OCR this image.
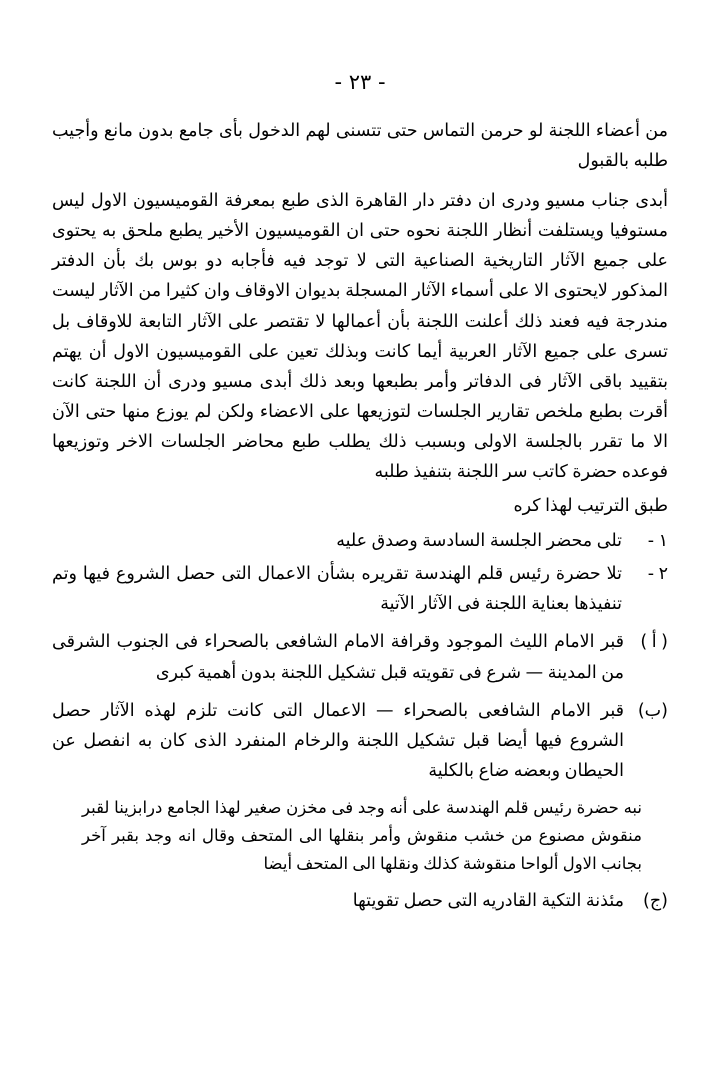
- ٢٣ -

من أعضاء اللجنة لو حرمن التماس حتى تتسنى لهم الدخول بأى جامع بدون مانع وأجيب طلبه بالقبول

أبدى جناب مسيو ودرى ان دفتر دار القاهرة الذى طبع بمعرفة القوميسيون الاول ليس مستوفيا ويستلفت أنظار اللجنة نحوه حتى ان القوميسيون الأخير يطبع ملحق به يحتوى على جميع الآثار التاريخية الصناعية التى لا توجد فيه فأجابه دو بوس بك بأن الدفتر المذكور لايحتوى الا على أسماء الآثار المسجلة بديوان الاوقاف وان كثيرا من الآثار ليست مندرجة فيه فعند ذلك أعلنت اللجنة بأن أعمالها لا تقتصر على الآثار التابعة للاوقاف بل تسرى على جميع الآثار العربية أيما كانت وبذلك تعين على القوميسيون الاول أن يهتم بتقييد باقى الآثار فى الدفاتر وأمر بطبعها وبعد ذلك أبدى مسيو ودرى أن اللجنة كانت أقرت بطبع ملخص تقارير الجلسات لتوزيعها على الاعضاء ولكن لم يوزع منها حتى الآن الا ما تقرر بالجلسة الاولى وبسبب ذلك يطلب طبع محاضر الجلسات الاخر وتوزيعها فوعده حضرة كاتب سر اللجنة بتنفيذ طلبه

طبق الترتيب لهذا كره

١ -
تلى محضر الجلسة السادسة وصدق عليه
٢ -
تلا حضرة رئيس قلم الهندسة تقريره بشأن الاعمال التى حصل الشروع فيها وتم تنفيذها بعناية اللجنة فى الآثار الآتية
( أ )
قبر الامام الليث الموجود وقرافة الامام الشافعى بالصحراء فى الجنوب الشرقى من المدينة — شرع فى تقويته قبل تشكيل اللجنة بدون أهمية كبرى
(ب)
قبر الامام الشافعى بالصحراء — الاعمال التى كانت تلزم لهذه الآثار حصل الشروع فيها أيضا قبل تشكيل اللجنة والرخام المنفرد الذى كان به انفصل عن الحيطان وبعضه ضاع بالكلية
نبه حضرة رئيس قلم الهندسة على أنه وجد فى مخزن صغير لهذا الجامع درابزينا لقبر منقوش مصنوع من خشب منقوش وأمر بنقلها الى المتحف وقال انه وجد بقبر آخر بجانب الاول ألواحا منقوشة كذلك ونقلها الى المتحف أيضا
(ج)
مئذنة التكية القادريه التى حصل تقويتها
